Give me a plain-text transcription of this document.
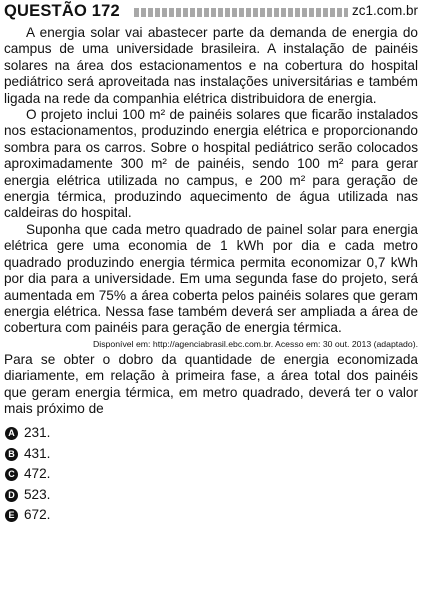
QUESTÃO 172	zc1.com.br

A energia solar vai abastecer parte da demanda de energia do campus de uma universidade brasileira. A instalação de painéis solares na área dos estacionamentos e na cobertura do hospital pediátrico será aproveitada nas instalações universitárias e também ligada na rede da companhia elétrica distribuidora de energia.

O projeto inclui 100 m² de painéis solares que ficarão instalados nos estacionamentos, produzindo energia elétrica e proporcionando sombra para os carros. Sobre o hospital pediátrico serão colocados aproximadamente 300 m² de painéis, sendo 100 m² para gerar energia elétrica utilizada no campus, e 200 m² para geração de energia térmica, produzindo aquecimento de água utilizada nas caldeiras do hospital.

Suponha que cada metro quadrado de painel solar para energia elétrica gere uma economia de 1 kWh por dia e cada metro quadrado produzindo energia térmica permita economizar 0,7 kWh por dia para a universidade. Em uma segunda fase do projeto, será aumentada em 75% a área coberta pelos painéis solares que geram energia elétrica. Nessa fase também deverá ser ampliada a área de cobertura com painéis para geração de energia térmica.

Disponível em: http://agenciabrasil.ebc.com.br. Acesso em: 30 out. 2013 (adaptado).

Para se obter o dobro da quantidade de energia economizada diariamente, em relação à primeira fase, a área total dos painéis que geram energia térmica, em metro quadrado, deverá ter o valor mais próximo de

A 231.
B 431.
C 472.
D 523.
E 672.
